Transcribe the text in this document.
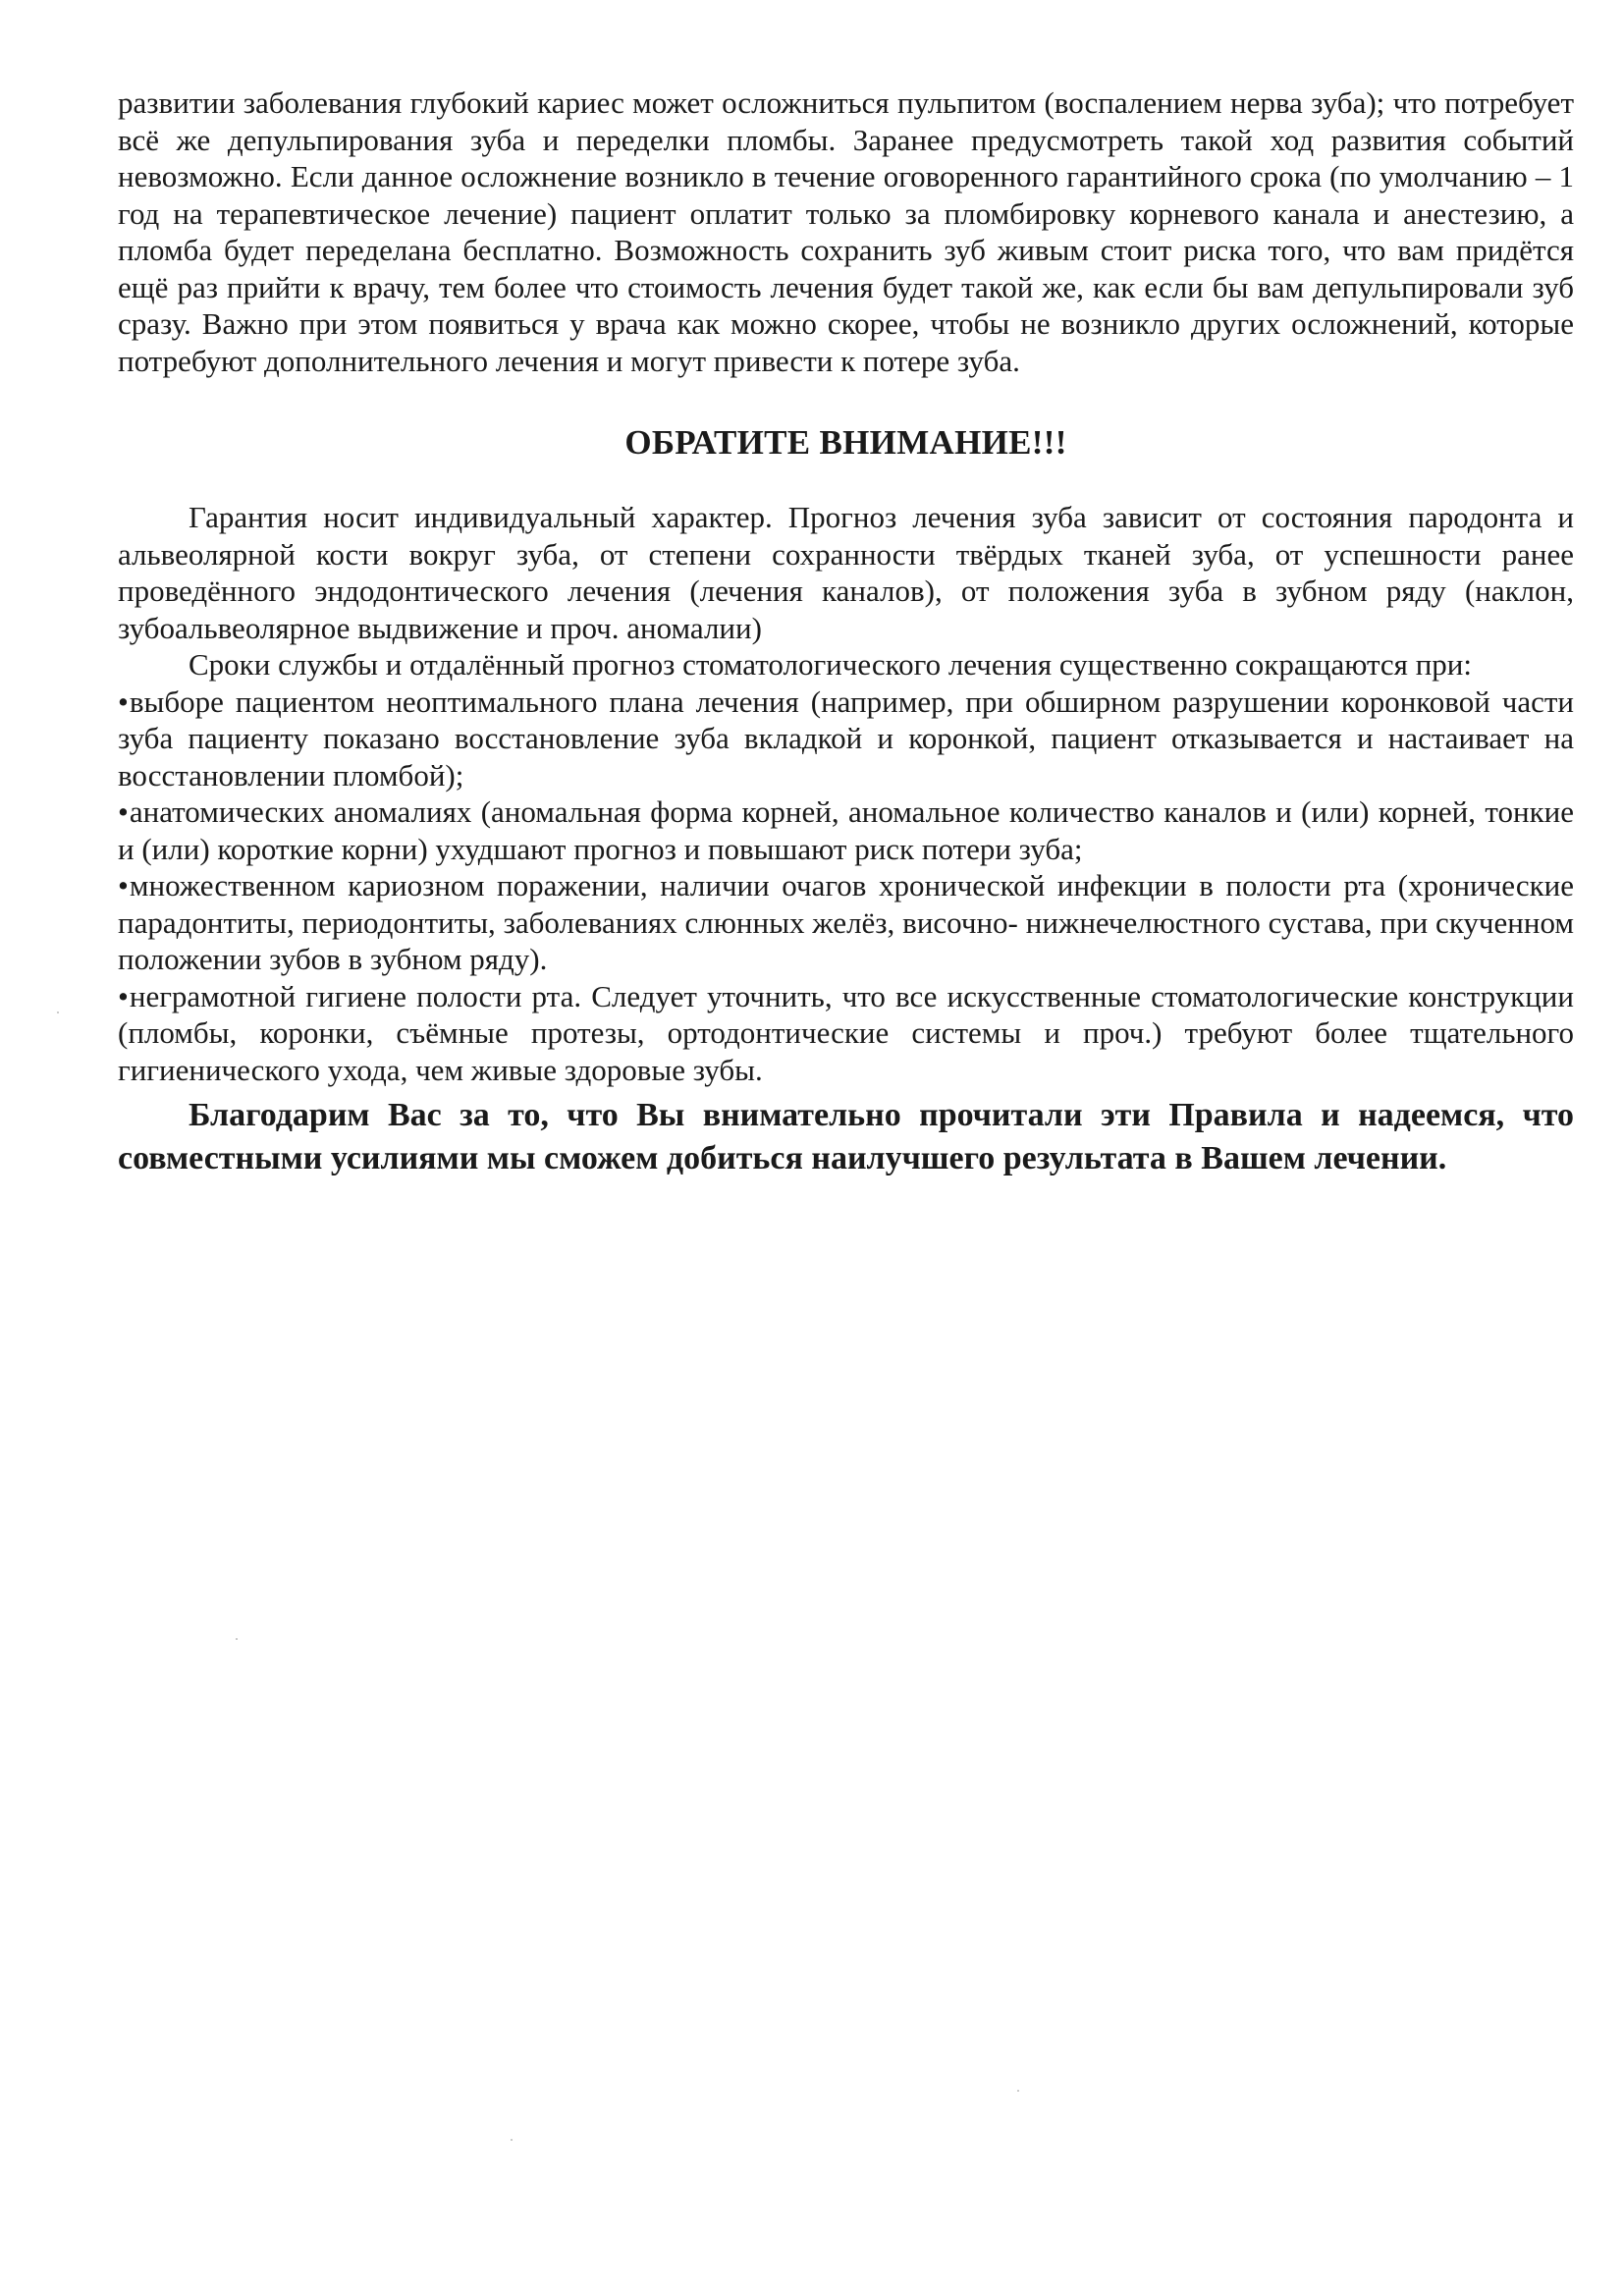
развитии заболевания глубокий кариес может осложниться пульпитом (воспалением нерва зуба); что потребует всё же депульпирования зуба и переделки пломбы. Заранее предусмотреть такой ход развития событий невозможно. Если данное осложнение возникло в течение оговоренного гарантийного срока (по умолчанию – 1 год на терапевтическое лечение) пациент оплатит только за пломбировку корневого канала и анестезию, а пломба будет переделана бесплатно. Возможность сохранить зуб живым стоит риска того, что вам придётся ещё раз прийти к врачу, тем более что стоимость лечения будет такой же, как если бы вам депульпировали зуб сразу. Важно при этом появиться у врача как можно скорее, чтобы не возникло других осложнений, которые потребуют дополнительного лечения и могут привести к потере зуба.

ОБРАТИТЕ ВНИМАНИЕ!!!

Гарантия носит индивидуальный характер. Прогноз лечения зуба зависит от состояния пародонта и альвеолярной кости вокруг зуба, от степени сохранности твёрдых тканей зуба, от успешности ранее проведённого эндодонтического лечения (лечения каналов), от положения зуба в зубном ряду (наклон, зубоальвеолярное выдвижение и проч. аномалии)

Сроки службы и отдалённый прогноз стоматологического лечения существенно сокращаются при:

•выборе пациентом неоптимального плана лечения (например, при обширном разрушении коронковой части зуба пациенту показано восстановление зуба вкладкой и коронкой, пациент отказывается и настаивает на восстановлении пломбой);
•анатомических аномалиях (аномальная форма корней, аномальное количество каналов и (или) корней, тонкие и (или) короткие корни) ухудшают прогноз и повышают риск потери зуба;
•множественном кариозном поражении, наличии очагов хронической инфекции в полости рта (хронические парадонтиты, периодонтиты, заболеваниях слюнных желёз, височно- нижнечелюстного сустава, при скученном положении зубов в зубном ряду).
•неграмотной гигиене полости рта. Следует уточнить, что все искусственные стоматологические конструкции (пломбы, коронки, съёмные протезы, ортодонтические системы и проч.) требуют более тщательного гигиенического ухода, чем живые здоровые зубы.

Благодарим Вас за то, что Вы внимательно прочитали эти Правила и надеемся, что совместными усилиями мы сможем добиться наилучшего результата в Вашем лечении.
